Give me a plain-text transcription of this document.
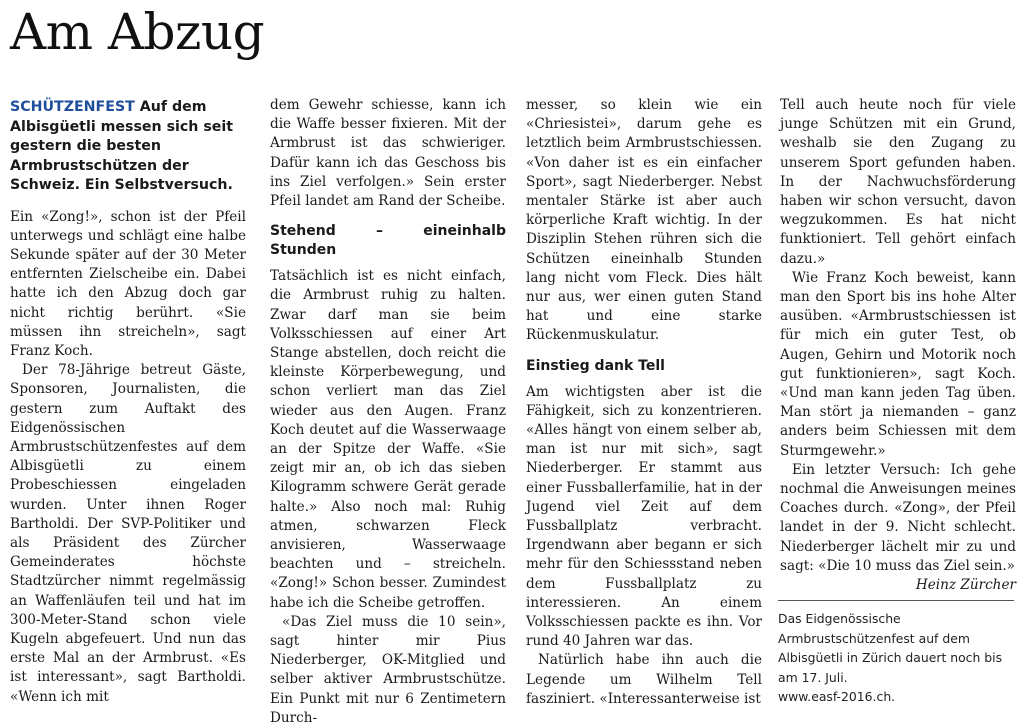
Am Abzug
SCHÜTZENFEST Auf dem Albisgüetli messen sich seit gestern die besten Armbrustschützen der Schweiz. Ein Selbstversuch.

Ein «Zong!», schon ist der Pfeil unterwegs und schlägt eine halbe Sekunde später auf der 30 Meter entfernten Zielscheibe ein. Dabei hatte ich den Abzug doch gar nicht richtig berührt. «Sie müssen ihn streicheln», sagt Franz Koch.

Der 78-Jährige betreut Gäste, Sponsoren, Journalisten, die gestern zum Auftakt des Eidgenössischen Armbrustschützenfestes auf dem Albisgüetli zu einem Probeschiessen eingeladen wurden. Unter ihnen Roger Bartholdi. Der SVP-Politiker und als Präsident des Zürcher Gemeinderates höchste Stadtzürcher nimmt regelmässig an Waffenläufen teil und hat im 300-Meter-Stand schon viele Kugeln abgefeuert. Und nun das erste Mal an der Armbrust. «Es ist interessant», sagt Bartholdi. «Wenn ich mit

dem Gewehr schiesse, kann ich die Waffe besser fixieren. Mit der Armbrust ist das schwieriger. Dafür kann ich das Geschoss bis ins Ziel verfolgen.» Sein erster Pfeil landet am Rand der Scheibe.

Stehend – eineinhalb Stunden

Tatsächlich ist es nicht einfach, die Armbrust ruhig zu halten. Zwar darf man sie beim Volksschiessen auf einer Art Stange abstellen, doch reicht die kleinste Körperbewegung, und schon verliert man das Ziel wieder aus den Augen. Franz Koch deutet auf die Wasserwaage an der Spitze der Waffe. «Sie zeigt mir an, ob ich das sieben Kilogramm schwere Gerät gerade halte.» Also noch mal: Ruhig atmen, schwarzen Fleck anvisieren, Wasserwaage beachten und – streicheln. «Zong!» Schon besser. Zumindest habe ich die Scheibe getroffen.

«Das Ziel muss die 10 sein», sagt hinter mir Pius Niederberger, OK-Mitglied und selber aktiver Armbrustschütze. Ein Punkt mit nur 6 Zentimetern Durch-

messer, so klein wie ein «Chriesistei», darum gehe es letztlich beim Armbrustschiessen. «Von daher ist es ein einfacher Sport», sagt Niederberger. Nebst mentaler Stärke ist aber auch körperliche Kraft wichtig. In der Disziplin Stehen rühren sich die Schützen eineinhalb Stunden lang nicht vom Fleck. Dies hält nur aus, wer einen guten Stand hat und eine starke Rückenmuskulatur.

Einstieg dank Tell

Am wichtigsten aber ist die Fähigkeit, sich zu konzentrieren. «Alles hängt von einem selber ab, man ist nur mit sich», sagt Niederberger. Er stammt aus einer Fussballerfamilie, hat in der Jugend viel Zeit auf dem Fussballplatz verbracht. Irgendwann aber begann er sich mehr für den Schiessstand neben dem Fussballplatz zu interessieren. An einem Volksschiessen packte es ihn. Vor rund 40 Jahren war das.

Natürlich habe ihn auch die Legende um Wilhelm Tell fasziniert. «Interessanterweise ist

Tell auch heute noch für viele junge Schützen mit ein Grund, weshalb sie den Zugang zu unserem Sport gefunden haben. In der Nachwuchsförderung haben wir schon versucht, davon wegzukommen. Es hat nicht funktioniert. Tell gehört einfach dazu.»

Wie Franz Koch beweist, kann man den Sport bis ins hohe Alter ausüben. «Armbrustschiessen ist für mich ein guter Test, ob Augen, Gehirn und Motorik noch gut funktionieren», sagt Koch. «Und man kann jeden Tag üben. Man stört ja niemanden – ganz anders beim Schiessen mit dem Sturmgewehr.»

Ein letzter Versuch: Ich gehe nochmal die Anweisungen meines Coaches durch. «Zong», der Pfeil landet in der 9. Nicht schlecht. Niederberger lächelt mir zu und sagt: «Die 10 muss das Ziel sein.»
Heinz Zürcher

Das Eidgenössische Armbrustschützenfest auf dem Albisgüetli in Zürich dauert noch bis am 17. Juli.
www.easf-2016.ch.
